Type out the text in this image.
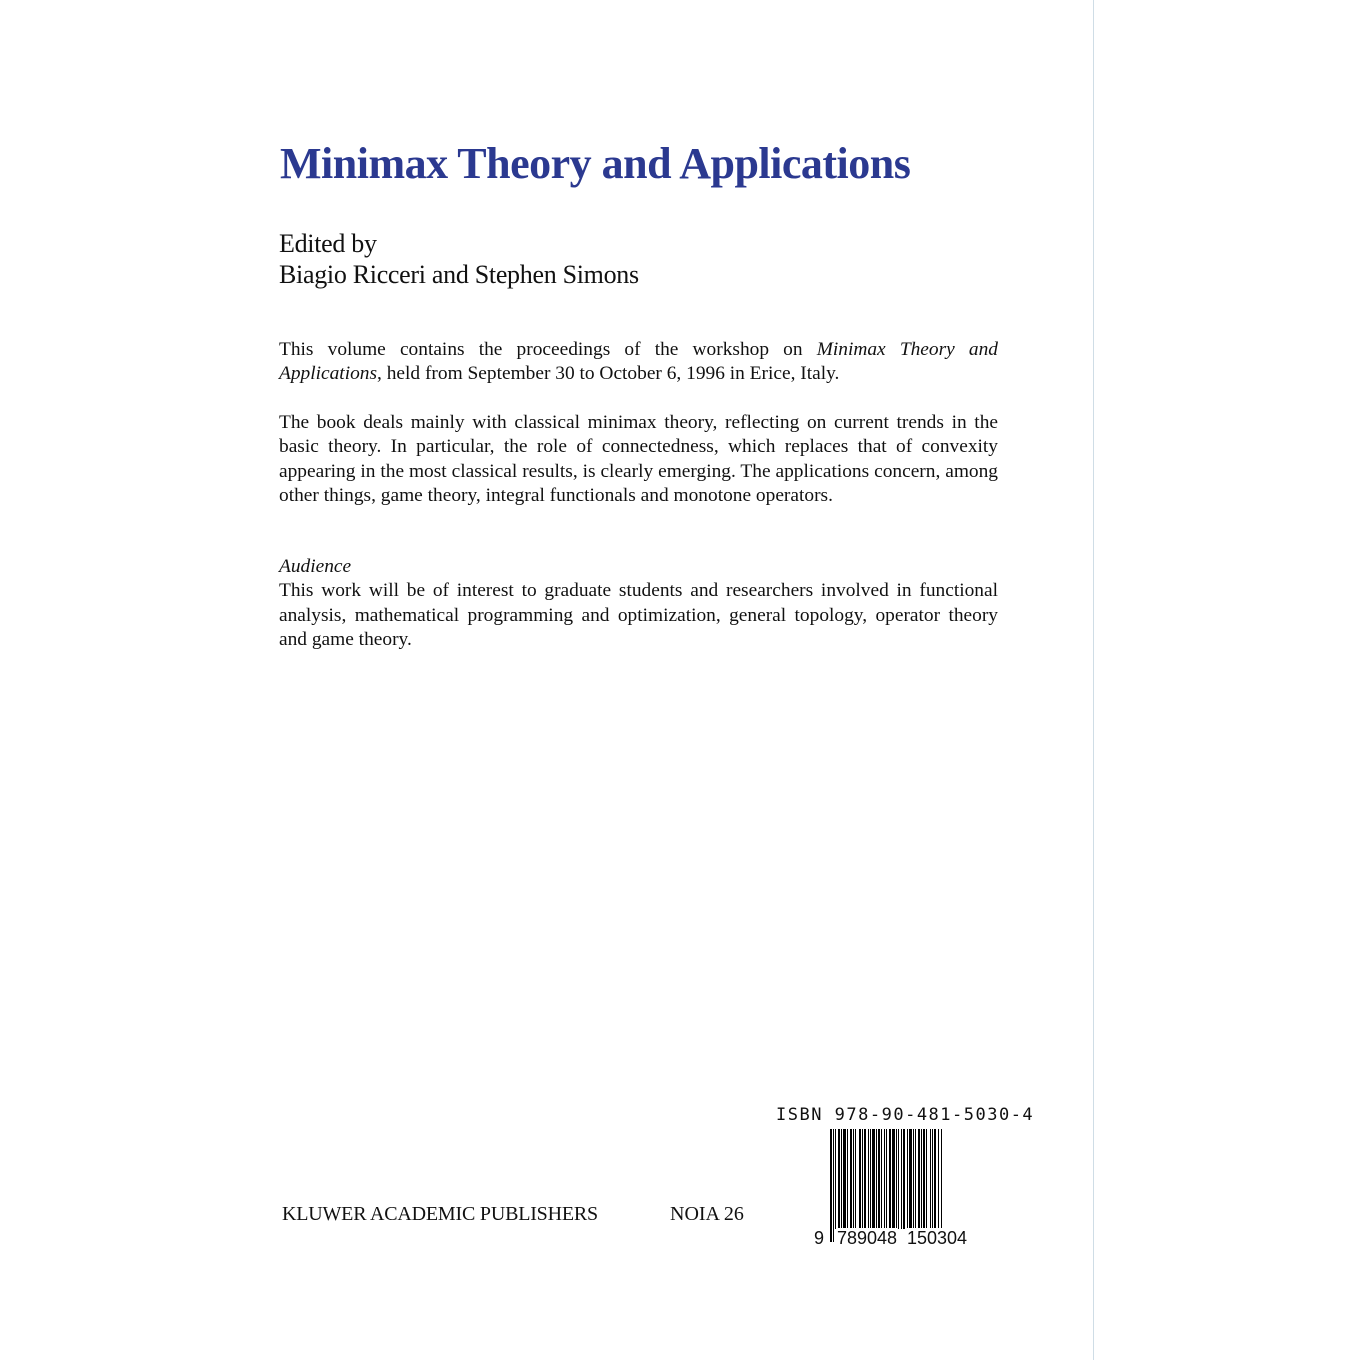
Minimax Theory and Applications
Edited by
Biagio Ricceri and Stephen Simons
This volume contains the proceedings of the workshop on Minimax Theory and Applications, held from September 30 to October 6, 1996 in Erice, Italy.
The book deals mainly with classical minimax theory, reflecting on current trends in the basic theory. In particular, the role of connectedness, which replaces that of convexity appearing in the most classical results, is clearly emerging. The applications concern, among other things, game theory, integral functionals and monotone operators.
Audience
This work will be of interest to graduate students and researchers involved in functional analysis, mathematical programming and optimization, general topology, operator theory and game theory.
ISBN 978-90-481-5030-4
9 789048 150304
KLUWER ACADEMIC PUBLISHERS	NOIA 26
